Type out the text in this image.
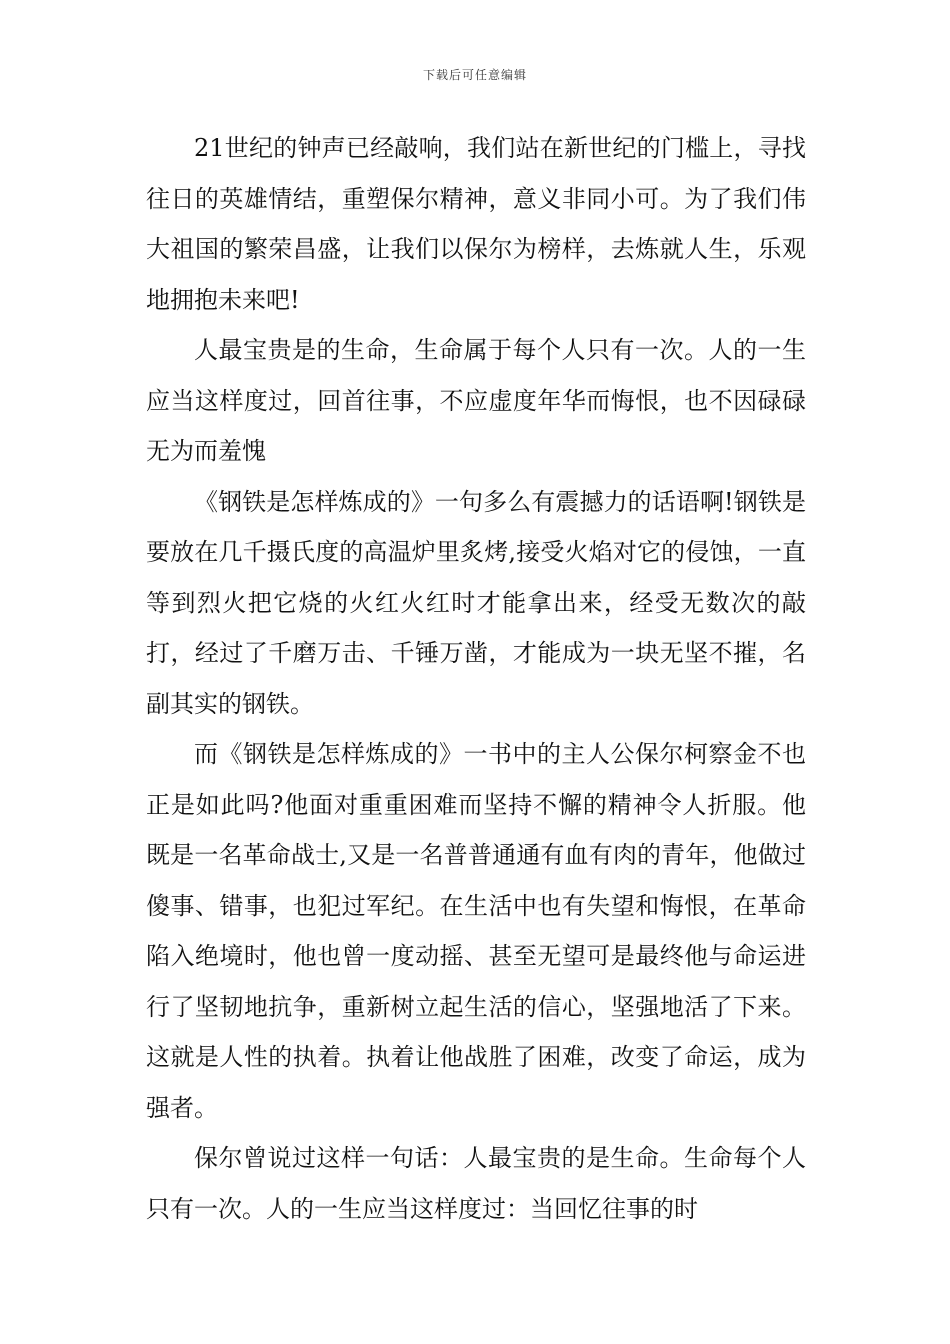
下载后可任意编辑

21世纪的钟声已经敲响，我们站在新世纪的门槛上，寻找往日的英雄情结，重塑保尔精神，意义非同小可。为了我们伟大祖国的繁荣昌盛，让我们以保尔为榜样，去炼就人生，乐观地拥抱未来吧!

人最宝贵是的生命，生命属于每个人只有一次。人的一生应当这样度过，回首往事，不应虚度年华而悔恨，也不因碌碌无为而羞愧

《钢铁是怎样炼成的》一句多么有震撼力的话语啊!钢铁是要放在几千摄氏度的高温炉里炙烤,接受火焰对它的侵蚀，一直等到烈火把它烧的火红火红时才能拿出来，经受无数次的敲打，经过了千磨万击、千锤万凿，才能成为一块无坚不摧，名副其实的钢铁。

而《钢铁是怎样炼成的》一书中的主人公保尔柯察金不也正是如此吗?他面对重重困难而坚持不懈的精神令人折服。他既是一名革命战士,又是一名普普通通有血有肉的青年，他做过傻事、错事，也犯过军纪。在生活中也有失望和悔恨，在革命陷入绝境时，他也曾一度动摇、甚至无望可是最终他与命运进行了坚韧地抗争，重新树立起生活的信心，坚强地活了下来。这就是人性的执着。执着让他战胜了困难，改变了命运，成为强者。

保尔曾说过这样一句话：人最宝贵的是生命。生命每个人只有一次。人的一生应当这样度过：当回忆往事的时
